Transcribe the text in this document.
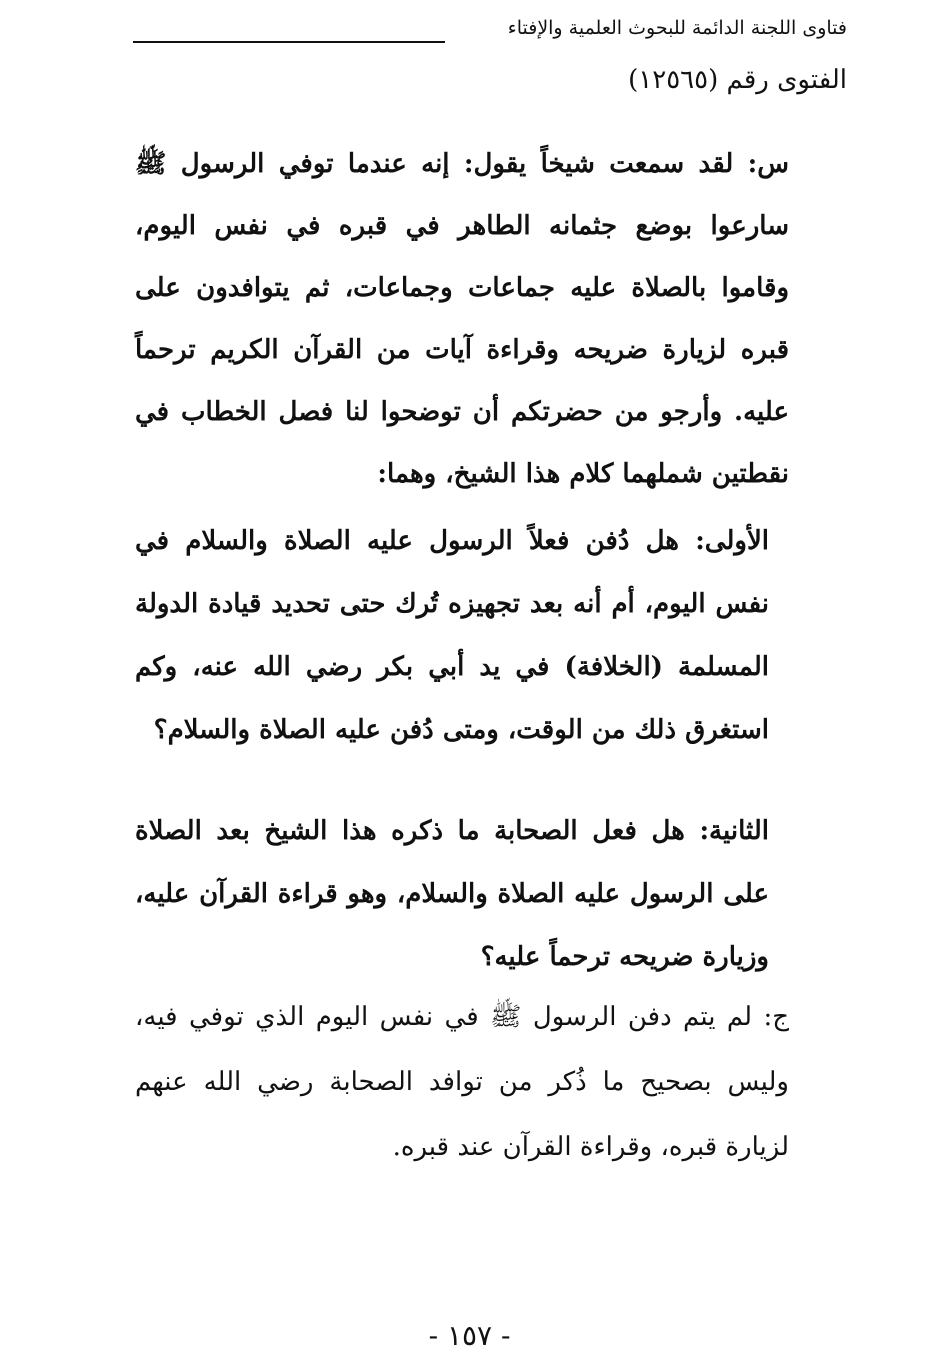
فتاوى اللجنة الدائمة للبحوث العلمية والإفتاء
الفتوى رقم (١٢٥٦٥)
س: لقد سمعت شيخاً يقول: إنه عندما توفي الرسول ﷺ سارعوا بوضع جثمانه الطاهر في قبره في نفس اليوم، وقاموا بالصلاة عليه جماعات وجماعات، ثم يتوافدون على قبره لزيارة ضريحه وقراءة آيات من القرآن الكريم ترحماً عليه. وأرجو من حضرتكم أن توضحوا لنا فصل الخطاب في نقطتين شملهما كلام هذا الشيخ، وهما:
الأولى: هل دُفن فعلاً الرسول عليه الصلاة والسلام في نفس اليوم، أم أنه بعد تجهيزه تُرك حتى تحديد قيادة الدولة المسلمة (الخلافة) في يد أبي بكر رضي الله عنه، وكم استغرق ذلك من الوقت، ومتى دُفن عليه الصلاة والسلام؟
الثانية: هل فعل الصحابة ما ذكره هذا الشيخ بعد الصلاة على الرسول عليه الصلاة والسلام، وهو قراءة القرآن عليه، وزيارة ضريحه ترحماً عليه؟
ج: لم يتم دفن الرسول ﷺ في نفس اليوم الذي توفي فيه، وليس بصحيح ما ذُكر من توافد الصحابة رضي الله عنهم لزيارة قبره، وقراءة القرآن عند قبره.
- ١٥٧ -
